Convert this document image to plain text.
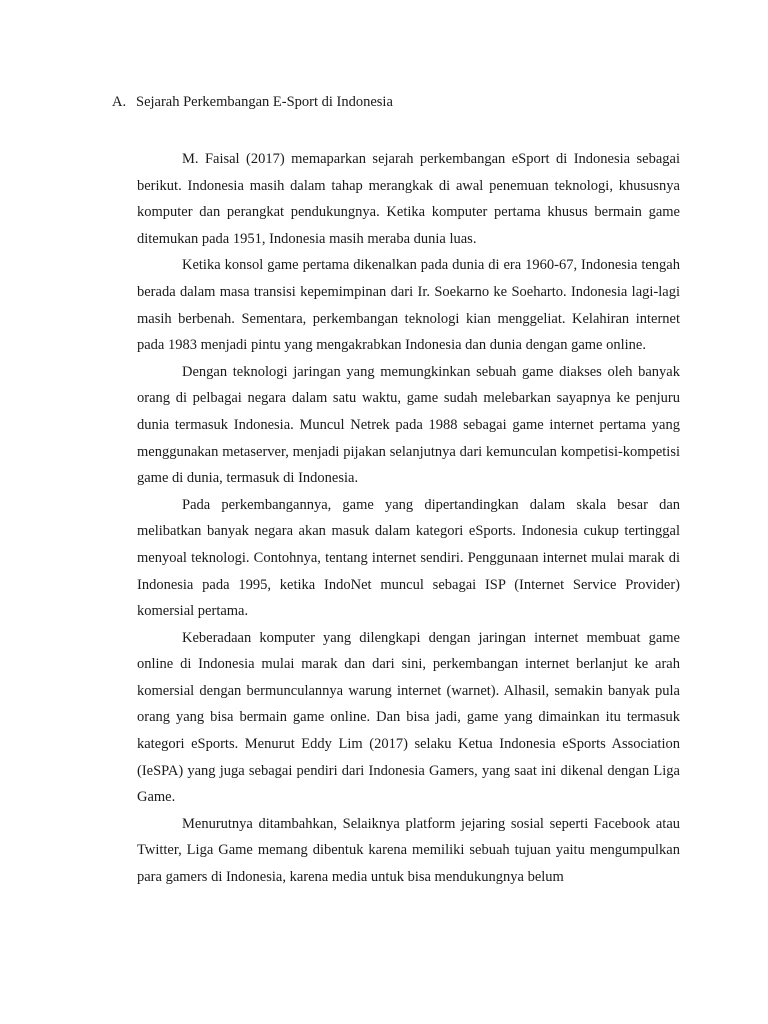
A. Sejarah Perkembangan E-Sport di Indonesia

M. Faisal (2017) memaparkan sejarah perkembangan eSport di Indonesia sebagai berikut. Indonesia masih dalam tahap merangkak di awal penemuan teknologi, khususnya komputer dan perangkat pendukungnya. Ketika komputer pertama khusus bermain game ditemukan pada 1951, Indonesia masih meraba dunia luas.

Ketika konsol game pertama dikenalkan pada dunia di era 1960-67, Indonesia tengah berada dalam masa transisi kepemimpinan dari Ir. Soekarno ke Soeharto. Indonesia lagi-lagi masih berbenah. Sementara, perkembangan teknologi kian menggeliat. Kelahiran internet pada 1983 menjadi pintu yang mengakrabkan Indonesia dan dunia dengan game online.

Dengan teknologi jaringan yang memungkinkan sebuah game diakses oleh banyak orang di pelbagai negara dalam satu waktu, game sudah melebarkan sayapnya ke penjuru dunia termasuk Indonesia. Muncul Netrek pada 1988 sebagai game internet pertama yang menggunakan metaserver, menjadi pijakan selanjutnya dari kemunculan kompetisi-kompetisi game di dunia, termasuk di Indonesia.

Pada perkembangannya, game yang dipertandingkan dalam skala besar dan melibatkan banyak negara akan masuk dalam kategori eSports. Indonesia cukup tertinggal menyoal teknologi. Contohnya, tentang internet sendiri. Penggunaan internet mulai marak di Indonesia pada 1995, ketika IndoNet muncul sebagai ISP (Internet Service Provider) komersial pertama.

Keberadaan komputer yang dilengkapi dengan jaringan internet membuat game online di Indonesia mulai marak dan dari sini, perkembangan internet berlanjut ke arah komersial dengan bermunculannya warung internet (warnet). Alhasil, semakin banyak pula orang yang bisa bermain game online. Dan bisa jadi, game yang dimainkan itu termasuk kategori eSports. Menurut Eddy Lim (2017) selaku Ketua Indonesia eSports Association (IeSPA) yang juga sebagai pendiri dari Indonesia Gamers, yang saat ini dikenal dengan Liga Game.

Menurutnya ditambahkan, Selaiknya platform jejaring sosial seperti Facebook atau Twitter, Liga Game memang dibentuk karena memiliki sebuah tujuan yaitu mengumpulkan para gamers di Indonesia, karena media untuk bisa mendukungnya belum
